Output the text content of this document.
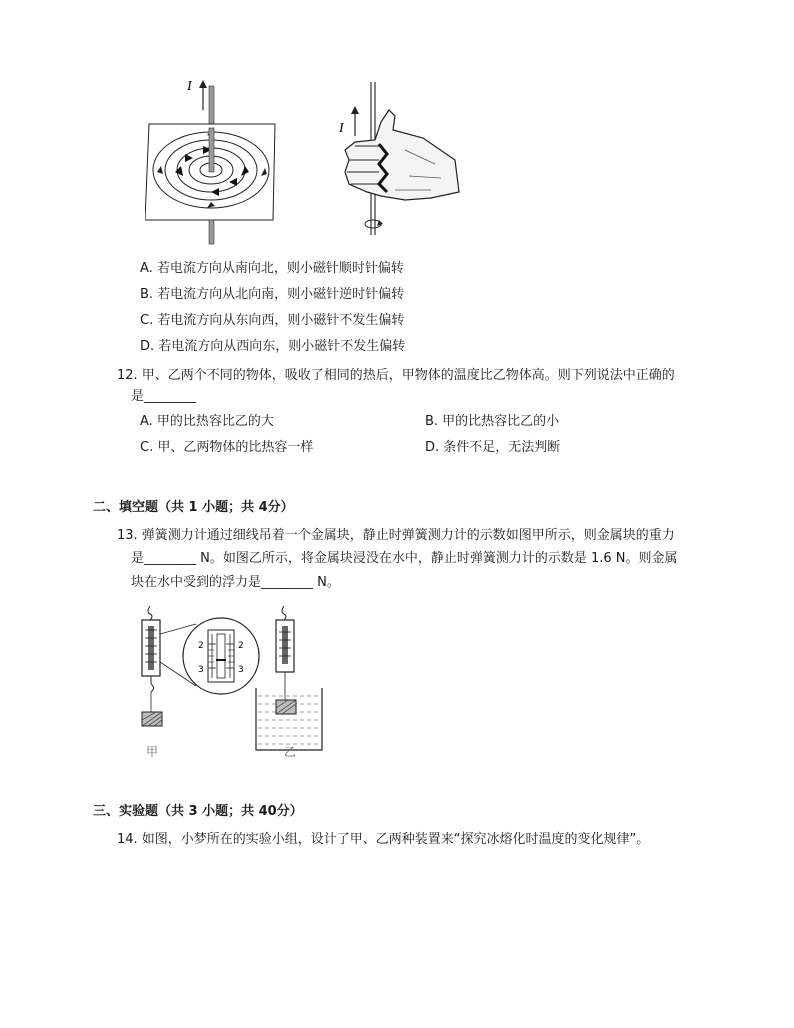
I
I
A. 若电流方向从南向北，则小磁针顺时针偏转
B. 若电流方向从北向南，则小磁针逆时针偏转
C. 若电流方向从东向西，则小磁针不发生偏转
D. 若电流方向从西向东，则小磁针不发生偏转
12. 甲、乙两个不同的物体，吸收了相同的热后，甲物体的温度比乙物体高。则下列说法中正确的
是________
A. 甲的比热容比乙的大	B. 甲的比热容比乙的小
C. 甲、乙两物体的比热容一样	D. 条件不足，无法判断
二、填空题（共 1 小题；共 4分）
13. 弹簧测力计通过细线吊着一个金属块，静止时弹簧测力计的示数如图甲所示，则金属块的重力
是________ N。如图乙所示，将金属块浸没在水中，静止时弹簧测力计的示数是 1.6 N。则金属
块在水中受到的浮力是________ N。
2
3
2
3
甲	乙
三、实验题（共 3 小题；共 40分）
14. 如图，小梦所在的实验小组，设计了甲、乙两种装置来“探究冰熔化时温度的变化规律”。
